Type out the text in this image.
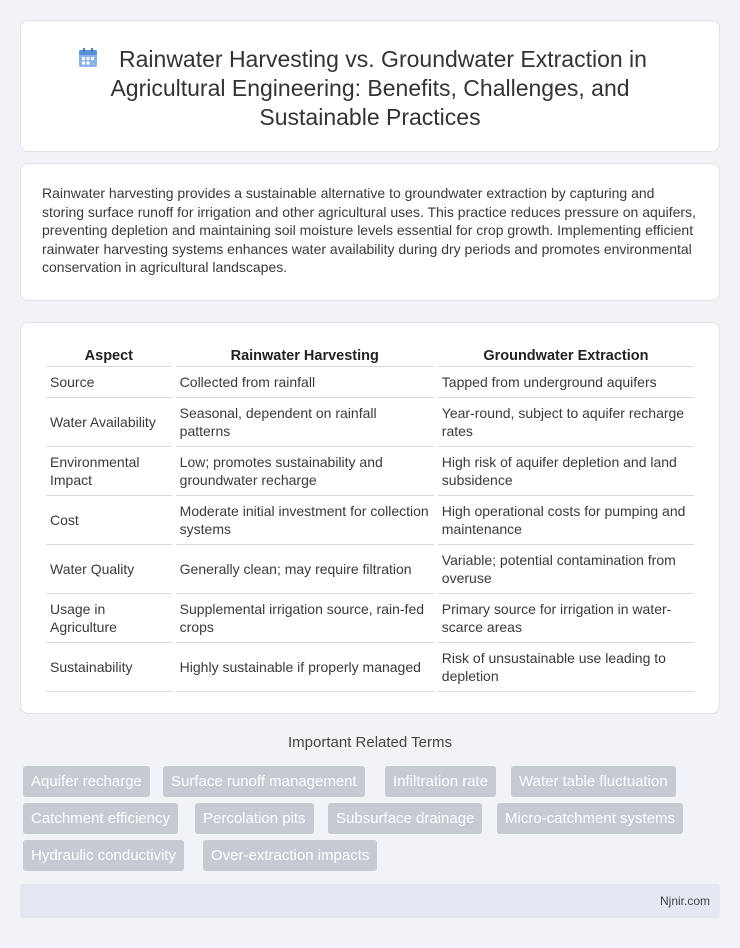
Rainwater Harvesting vs. Groundwater Extraction in Agricultural Engineering: Benefits, Challenges, and Sustainable Practices

Rainwater harvesting provides a sustainable alternative to groundwater extraction by capturing and storing surface runoff for irrigation and other agricultural uses. This practice reduces pressure on aquifers, preventing depletion and maintaining soil moisture levels essential for crop growth. Implementing efficient rainwater harvesting systems enhances water availability during dry periods and promotes environmental conservation in agricultural landscapes.

Aspect	Rainwater Harvesting	Groundwater Extraction
Source	Collected from rainfall	Tapped from underground aquifers
Water Availability	Seasonal, dependent on rainfall patterns	Year-round, subject to aquifer recharge rates
Environmental Impact	Low; promotes sustainability and groundwater recharge	High risk of aquifer depletion and land subsidence
Cost	Moderate initial investment for collection systems	High operational costs for pumping and maintenance
Water Quality	Generally clean; may require filtration	Variable; potential contamination from overuse
Usage in Agriculture	Supplemental irrigation source, rain-fed crops	Primary source for irrigation in water-scarce areas
Sustainability	Highly sustainable if properly managed	Risk of unsustainable use leading to depletion
Important Related Terms
Aquifer recharge	Surface runoff management	Infiltration rate	Water table fluctuation
Catchment efficiency	Percolation pits	Subsurface drainage	Micro-catchment systems
Hydraulic conductivity	Over-extraction impacts
Njnir.com
